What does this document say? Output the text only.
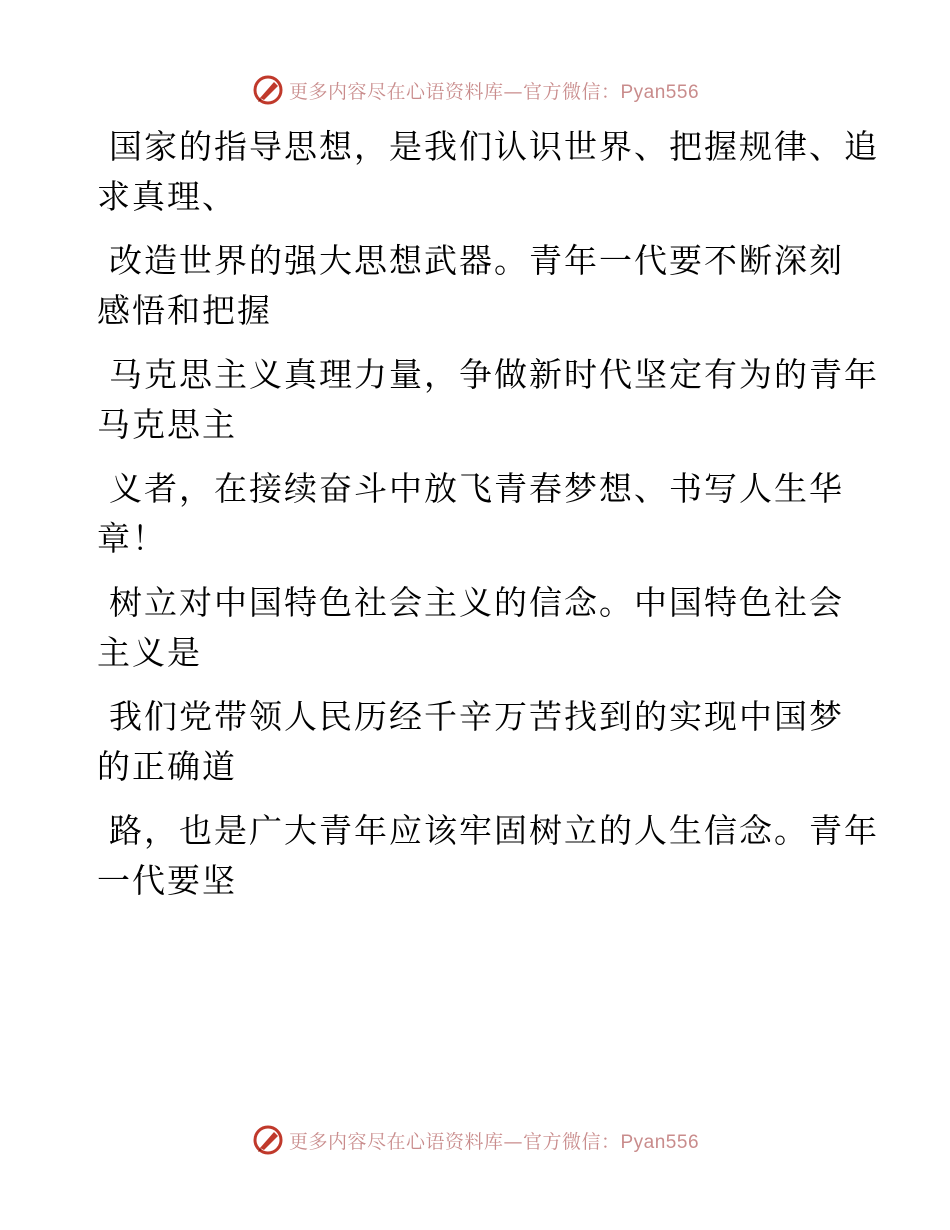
更多内容尽在心语资料库—官方微信：Pyan556

国家的指导思想，是我们认识世界、把握规律、追
求真理、

改造世界的强大思想武器。青年一代要不断深刻
感悟和把握

马克思主义真理力量，争做新时代坚定有为的青年
马克思主

义者，在接续奋斗中放飞青春梦想、书写人生华
章！

树立对中国特色社会主义的信念。中国特色社会
主义是

我们党带领人民历经千辛万苦找到的实现中国梦
的正确道

路，也是广大青年应该牢固树立的人生信念。青年
一代要坚

更多内容尽在心语资料库—官方微信：Pyan556
